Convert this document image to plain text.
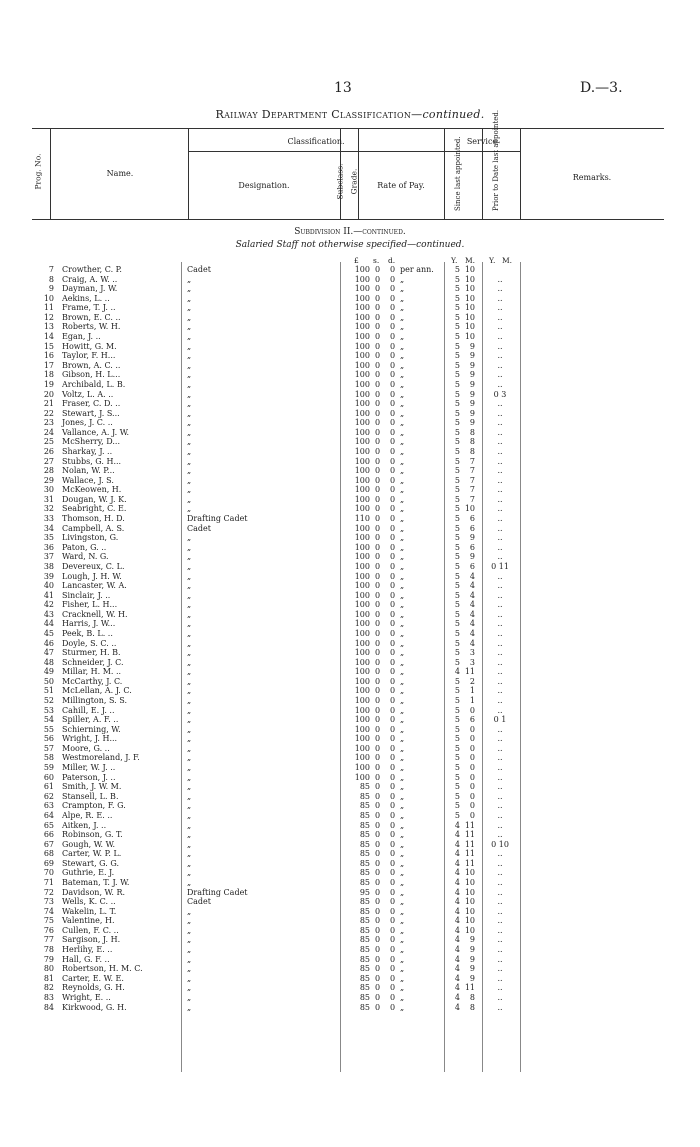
13	D.—3.
Railway Department Classification—continued.
Prog. No.	Name.
Classification.
Designation.	Subclass. Grade.	Rate of Pay.
Service
Since last appointed.	Prior to Date last appointed.	Remarks.
Subdivision II.—continued.
Salaried Staff not otherwise specified—continued.
£ s. d.	Y. M. Y. M.
7 Crowther, C. P.	Cadet	100 0 0 per ann.	5 10
8 Craig, A. W. ..	„	100 0 0 „	5 10	..
9 Dayman, J. W.	„	100 0 0 „	5 10	..
10 Aekins, L. ..	„	100 0 0 „	5 10	..
11 Frame, T. J. ..	„	100 0 0 „	5 10	..
12 Brown, E. C. ..	„	100 0 0 „	5 10	..
13 Roberts, W. H.	„	100 0 0 „	5 10	..
14 Egan, J. ..	„	100 0 0 „	5 10	..
15 Howitt, G. M.	„	100 0 0 „	5	9	..
16 Taylor, F. H...	„	100 0 0 „	5	9	..
17 Brown, A. C. ..	„	100 0 0 „	5	9	..
18 Gibson, H. L...	„	100 0 0 „	5	9	..
19 Archibald, L. B.	„	100 0 0 „	5	9	..
20 Voltz, L. A. ..	„	100 0 0 „	5	9	0 3
21 Fraser, C. D. ..	„	100 0 0 „	5	9	..
22 Stewart, J. S...	„	100 0 0 „	5	9	..
23 Jones, J. C. ..	„	100 0 0 „	5	9	..
24 Vallance, A. J. W.	„	100 0 0 „	5	8	..
25 McSherry, D...	„	100 0 0 „	5	8	..
26 Sharkay, J. ..	„	100 0 0 „	5	8	..
27 Stubbs, G. H...	„	100 0 0 „	5	7	..
28 Nolan, W. P...	„	100 0 0 „	5	7	..
29 Wallace, J. S.	„	100 0 0 „	5	7	..
30 McKeowen, H.	„	100 0 0 „	5	7	..
31 Dougan, W. J. K.	„	100 0 0 „	5	7	..
32 Seabright, C. E.	„	100 0 0 „	5 10	..
33 Thomson, H. D.	Drafting Cadet	110 0 0 „	5	6	..
34 Campbell, A. S.	Cadet	100 0 0 „	5	6	..
35 Livingston, G.	„	100 0 0 „	5	9	..
36 Paton, G. ..	„	100 0 0 „	5	6	..
37 Ward, N. G.	„	100 0 0 „	5	9	..
38 Devereux, C. L.	„	100 0 0 „	5	6	0 11
39 Lough, J. H. W.	„	100 0 0 „	5	4	..
40 Lancaster, W. A.	„	100 0 0 „	5	4	..
41 Sinclair, J. ..	„	100 0 0 „	5	4	..
42 Fisher, L. H...	„	100 0 0 „	5	4	..
43 Cracknell, W. H.	„	100 0 0 „	5	4	..
44 Harris, J. W...	„	100 0 0 „	5	4	..
45 Peek, B. L. ..	„	100 0 0 „	5	4	..
46 Doyle, S. C. ..	„	100 0 0 „	5	4	..
47 Sturmer, H. B.	„	100 0 0 „	5	3	..
48 Schneider, J. C.	„	100 0 0 „	5	3	..
49 Millar, H. M. ..	„	100 0 0 „	4 11	..
50 McCarthy, J. C.	„	100 0 0 „	5	2	..
51 McLellan, A. J. C.	„	100 0 0 „	5	1	..
52 Millington, S. S.	„	100 0 0 „	5	1	..
53 Cahill, E. J. ..	„	100 0 0 „	5	0	..
54 Spiller, A. F. ..	„	100 0 0 „	5	6	0 1
55 Schierning, W.	„	100 0 0 „	5	0	..
56 Wright, J. H...	„	100 0 0 „	5	0	..
57 Moore, G. ..	„	100 0 0 „	5	0	..
58 Westmoreland, J. F.	„	100 0 0 „	5	0	..
59 Miller, W. J. ..	„	100 0 0 „	5	0	..
60 Paterson, J. ..	„	100 0 0 „	5	0	..
61 Smith, J. W. M.	„	85 0 0 „	5	0	..
62 Stansell, L. B.	„	85 0 0 „	5	0	..
63 Crampton, F. G.	„	85 0 0 „	5	0	..
64 Alpe, R. E. ..	„	85 0 0 „	5	0	..
65 Aitken, J. ..	„	85 0 0 „	4 11	..
66 Robinson, G. T.	„	85 0 0 „	4 11	..
67 Gough, W. W.	„	85 0 0 „	4 11	0 10
68 Carter, W. P. L.	„	85 0 0 „	4 11	..
69 Stewart, G. G.	„	85 0 0 „	4 11	..
70 Guthrie, E. J.	„	85 0 0 „	4 10	..
71 Bateman, T. J. W.	„	85 0 0 „	4 10	..
72 Davidson, W. R.	Drafting Cadet	95 0 0 „	4 10	..
73 Wells, K. C. ..	Cadet	85 0 0 „	4 10	..
74 Wakelin, L. T.	„	85 0 0 „	4 10	..
75 Valentine, H.	„	85 0 0 „	4 10	..
76 Cullen, F. C. ..	„	85 0 0 „	4 10	..
77 Sargison, J. H.	„	85 0 0 „	4	9	..
78 Herlihy, E. ..	„	85 0 0 „	4	9	..
79 Hall, G. F. ..	„	85 0 0 „	4	9	..
80 Robertson, H. M. C.	„	85 0 0 „	4	9	..
81 Carter, E. W. E.	„	85 0 0 „	4	9	..
82 Reynolds, G. H.	„	85 0 0 „	4 11	..
83 Wright, E. ..	„	85 0 0 „	4	8	..
84 Kirkwood, G. H.	„	85 0 0 „	4	8	..
